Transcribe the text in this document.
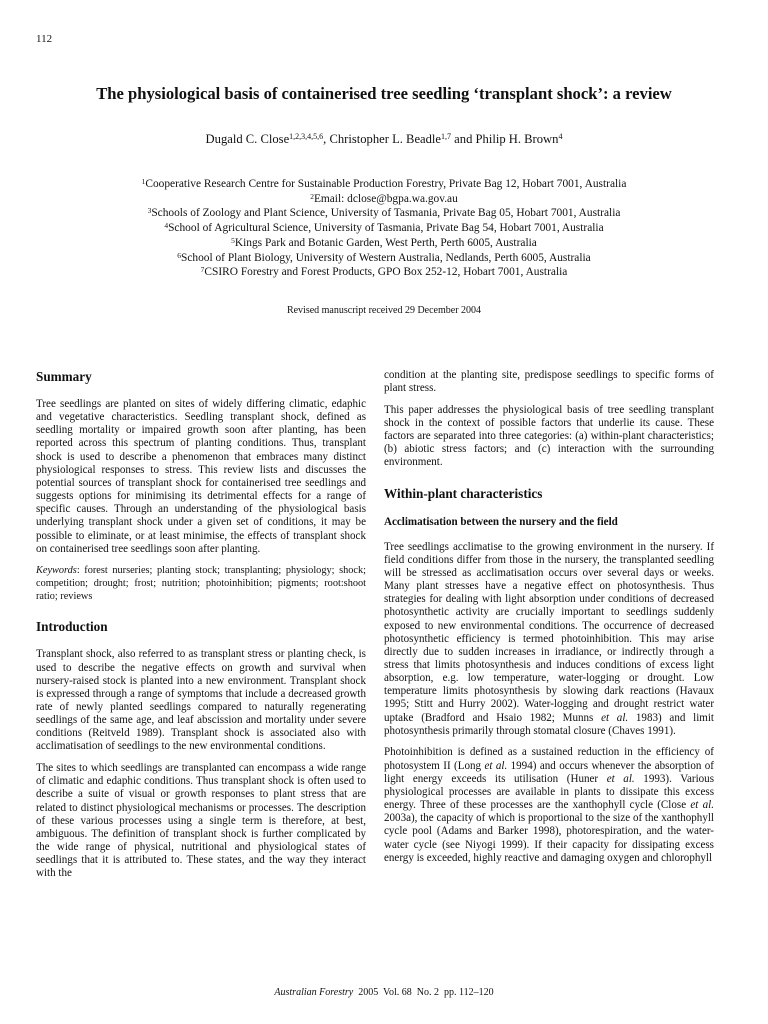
112
The physiological basis of containerised tree seedling ‘transplant shock’: a review
Dugald C. Close$^{1,2,3,4,5,6}$, Christopher L. Beadle$^{1,7}$ and Philip H. Brown$^4$
$^1$Cooperative Research Centre for Sustainable Production Forestry, Private Bag 12, Hobart 7001, Australia
$^2$Email: dclose@bgpa.wa.gov.au
$^3$Schools of Zoology and Plant Science, University of Tasmania, Private Bag 05, Hobart 7001, Australia
$^4$School of Agricultural Science, University of Tasmania, Private Bag 54, Hobart 7001, Australia
$^5$Kings Park and Botanic Garden, West Perth, Perth 6005, Australia
$^6$School of Plant Biology, University of Western Australia, Nedlands, Perth 6005, Australia
$^7$CSIRO Forestry and Forest Products, GPO Box 252-12, Hobart 7001, Australia
Revised manuscript received 29 December 2004
Summary

Tree seedlings are planted on sites of widely differing climatic, edaphic and vegetative characteristics. Seedling transplant shock, defined as seedling mortality or impaired growth soon after planting, has been reported across this spectrum of planting conditions. Thus, transplant shock is used to describe a phenomenon that embraces many distinct physiological responses to stress. This review lists and discusses the potential sources of transplant shock for containerised tree seedlings and suggests options for minimising its detrimental effects for a range of specific causes. Through an understanding of the physiological basis underlying transplant shock under a given set of conditions, it may be possible to eliminate, or at least minimise, the effects of transplant shock on containerised tree seedlings soon after planting.

Keywords: forest nurseries; planting stock; transplanting; physiology; shock; competition; drought; frost; nutrition; photoinhibition; pigments; root:shoot ratio; reviews

Introduction

Transplant shock, also referred to as transplant stress or planting check, is used to describe the negative effects on growth and survival when nursery-raised stock is planted into a new environment. Transplant shock is expressed through a range of symptoms that include a decreased growth rate of newly planted seedlings compared to naturally regenerating seedlings of the same age, and leaf abscission and mortality under severe conditions (Reitveld 1989). Transplant shock is associated also with acclimatisation of seedlings to the new environmental conditions.

The sites to which seedlings are transplanted can encompass a wide range of climatic and edaphic conditions. Thus transplant shock is often used to describe a suite of visual or growth responses to plant stress that are related to distinct physiological mechanisms or processes. The description of these various processes using a single term is therefore, at best, ambiguous. The definition of transplant shock is further complicated by the wide range of physical, nutritional and physiological states of seedlings that it is attributed to. These states, and the way they interact with the

condition at the planting site, predispose seedlings to specific forms of plant stress.

This paper addresses the physiological basis of tree seedling transplant shock in the context of possible factors that underlie its cause. These factors are separated into three categories: (a) within-plant characteristics; (b) abiotic stress factors; and (c) interaction with the surrounding environment.

Within-plant characteristics
Acclimatisation between the nursery and the field

Tree seedlings acclimatise to the growing environment in the nursery. If field conditions differ from those in the nursery, the transplanted seedling will be stressed as acclimatisation occurs over several days or weeks. Many plant stresses have a negative effect on photosynthesis. Thus strategies for dealing with light absorption under conditions of decreased photosynthetic activity are crucially important to seedlings suddenly exposed to new environmental conditions. The occurrence of decreased photosynthetic efficiency is termed photoinhibition. This may arise directly due to sudden increases in irradiance, or indirectly through a stress that limits photosynthesis and induces conditions of excess light absorption, e.g. low temperature, water-logging or drought. Low temperature limits photosynthesis by slowing dark reactions (Havaux 1995; Stitt and Hurry 2002). Water-logging and drought restrict water uptake (Bradford and Hsaio 1982; Munns et al. 1983) and limit photosynthesis primarily through stomatal closure (Chaves 1991).

Photoinhibition is defined as a sustained reduction in the efficiency of photosystem II (Long et al. 1994) and occurs whenever the absorption of light energy exceeds its utilisation (Huner et al. 1993). Various physiological processes are available in plants to dissipate this excess energy. Three of these processes are the xanthophyll cycle (Close et al. 2003a), the capacity of which is proportional to the size of the xanthophyll cycle pool (Adams and Barker 1998), photorespiration, and the water-water cycle (see Niyogi 1999). If their capacity for dissipating excess energy is exceeded, highly reactive and damaging oxygen and chlorophyll

Australian Forestry  2005  Vol. 68  No. 2  pp. 112–120
